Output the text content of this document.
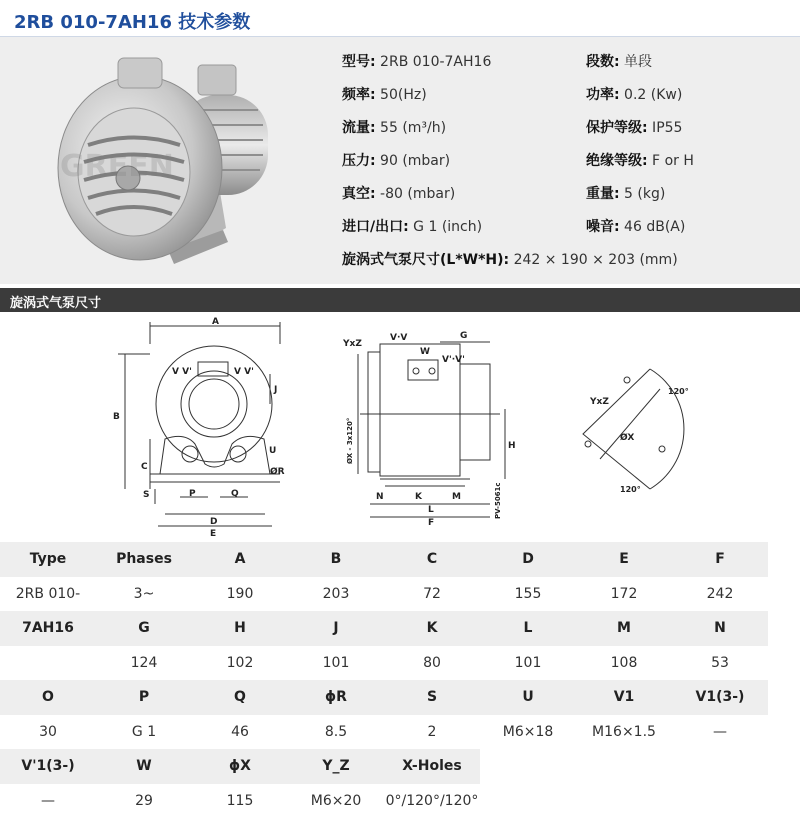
2RB 010-7AH16 技术参数
GREEN
型号: 2RB 010-7AH16
频率: 50(Hz)
流量: 55 (m³/h)
压力: 90 (mbar)
真空: -80 (mbar)
进口/出口: G 1 (inch)
旋涡式气泵尺寸(L*W*H): 242 × 190 × 203 (mm)
段数: 单段
功率: 0.2 (Kw)
保护等级: IP55
绝缘等级: F or H
重量: 5 (kg)
噪音: 46 dB(A)
旋涡式气泵尺寸
A
B
C
D
E
J
P	Q
S
U
ØR
V V'	V V'
YxZ
V·V
W
V'·V'
G
H
N	K
L
M
F
ØX - 3x120°
PV-5061c
YxZ
ØX
120°
120°
Type	Phases	A	B	C	D	E	F
2RB 010-	3~	190	203	72	155	172	242
7AH16	G	H	J	K	L	M	N
	124	102	101	80	101	108	53
O	P	Q	ϕR	S	U	V1	V1(3-)
30	G 1	46	8.5	2	M6×18	M16×1.5	—
V'1(3-)	W	ϕX	Y_Z	X-Holes			
—	29	115	M6×20	0°/120°/120°			
